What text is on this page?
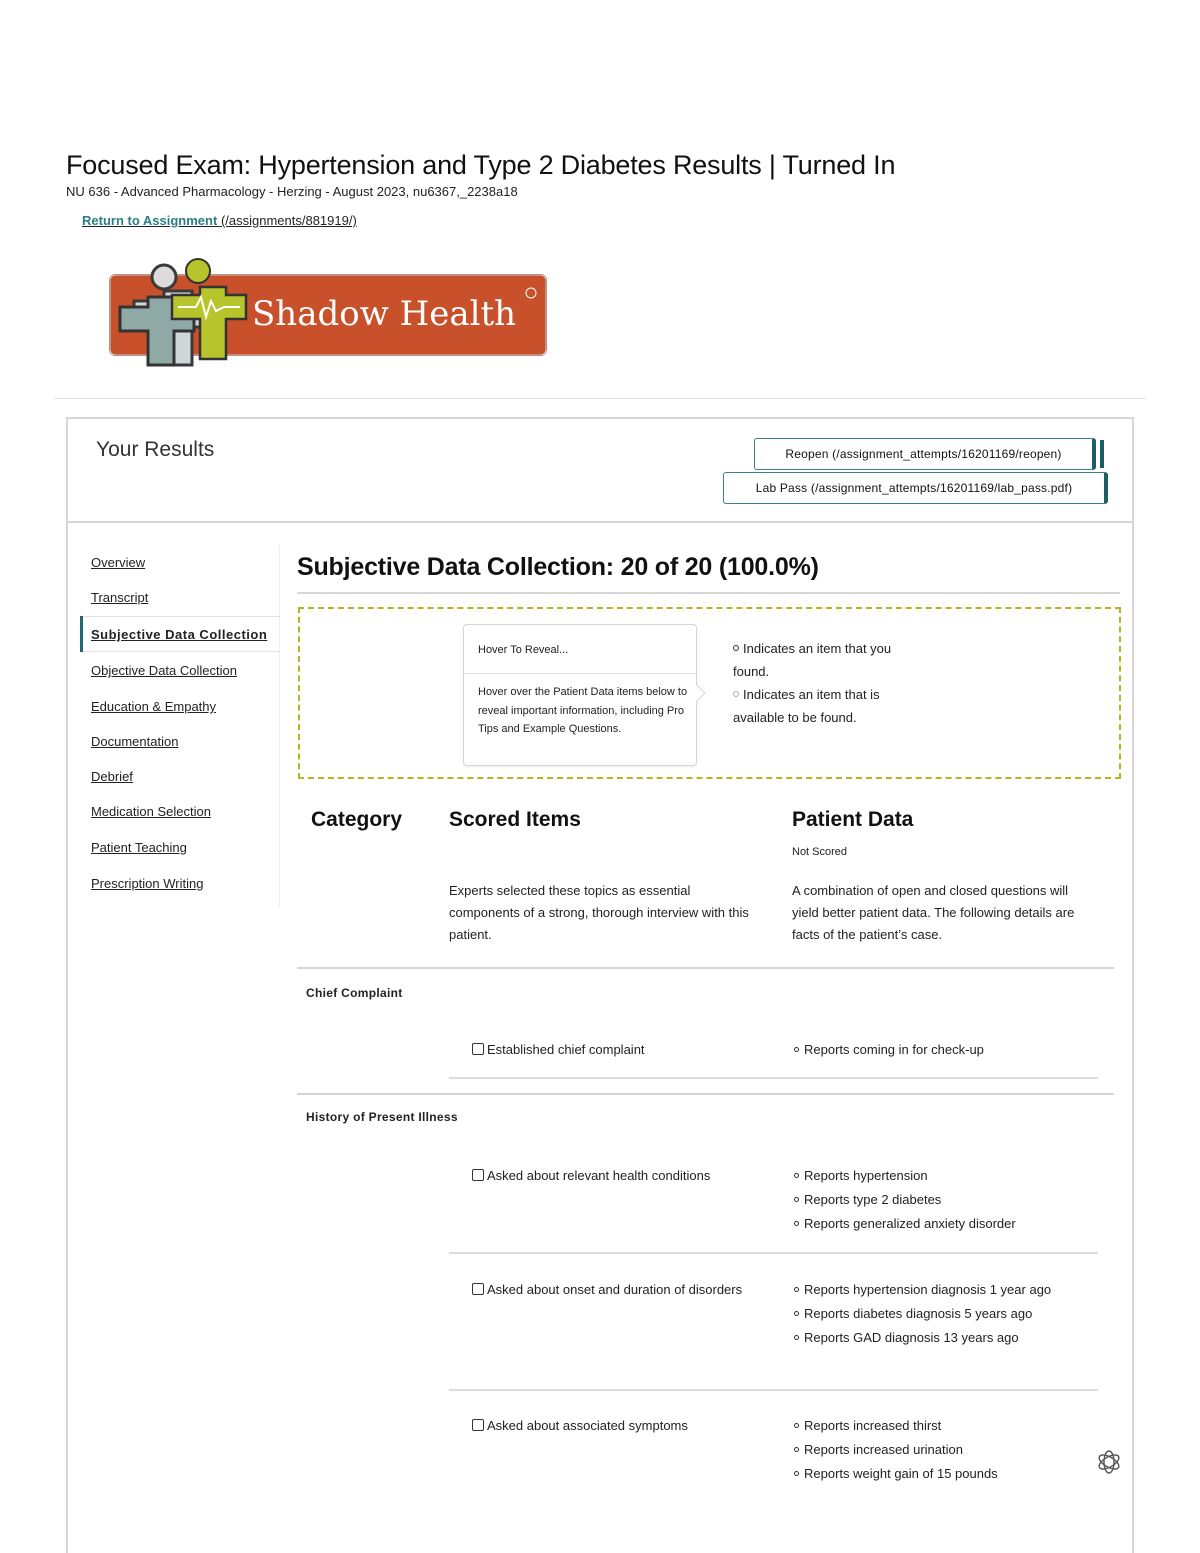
Focused Exam: Hypertension and Type 2 Diabetes Results | Turned In
NU 636 - Advanced Pharmacology - Herzing - August 2023, nu6367,_2238a18
Return to Assignment (/assignments/881919/)
Shadow Health
Your Results	Reopen (/assignment_attempts/16201169/reopen)
Lab Pass (/assignment_attempts/16201169/lab_pass.pdf)
Overview
Transcript
Subjective Data Collection
Objective Data Collection
Education & Empathy
Documentation
Debrief
Medication Selection
Patient Teaching
Prescription Writing
Subjective Data Collection: 20 of 20 (100.0%)
Hover To Reveal...
Hover over the Patient Data items below to reveal important information, including Pro Tips and Example Questions.
Indicates an item that you found.
Indicates an item that is available to be found.
Category Scored Items	Patient Data
Not Scored
Experts selected these topics as essential components of a strong, thorough interview with this patient.
A combination of open and closed questions will yield better patient data. The following details are facts of the patient’s case.
Chief Complaint
Established chief complaint	Reports coming in for check-up
History of Present Illness
Asked about relevant health conditions	Reports hypertension
Reports type 2 diabetes
Reports generalized anxiety disorder
Asked about onset and duration of disorders	Reports hypertension diagnosis 1 year ago
Reports diabetes diagnosis 5 years ago
Reports GAD diagnosis 13 years ago
Asked about associated symptoms	Reports increased thirst
Reports increased urination
Reports weight gain of 15 pounds
